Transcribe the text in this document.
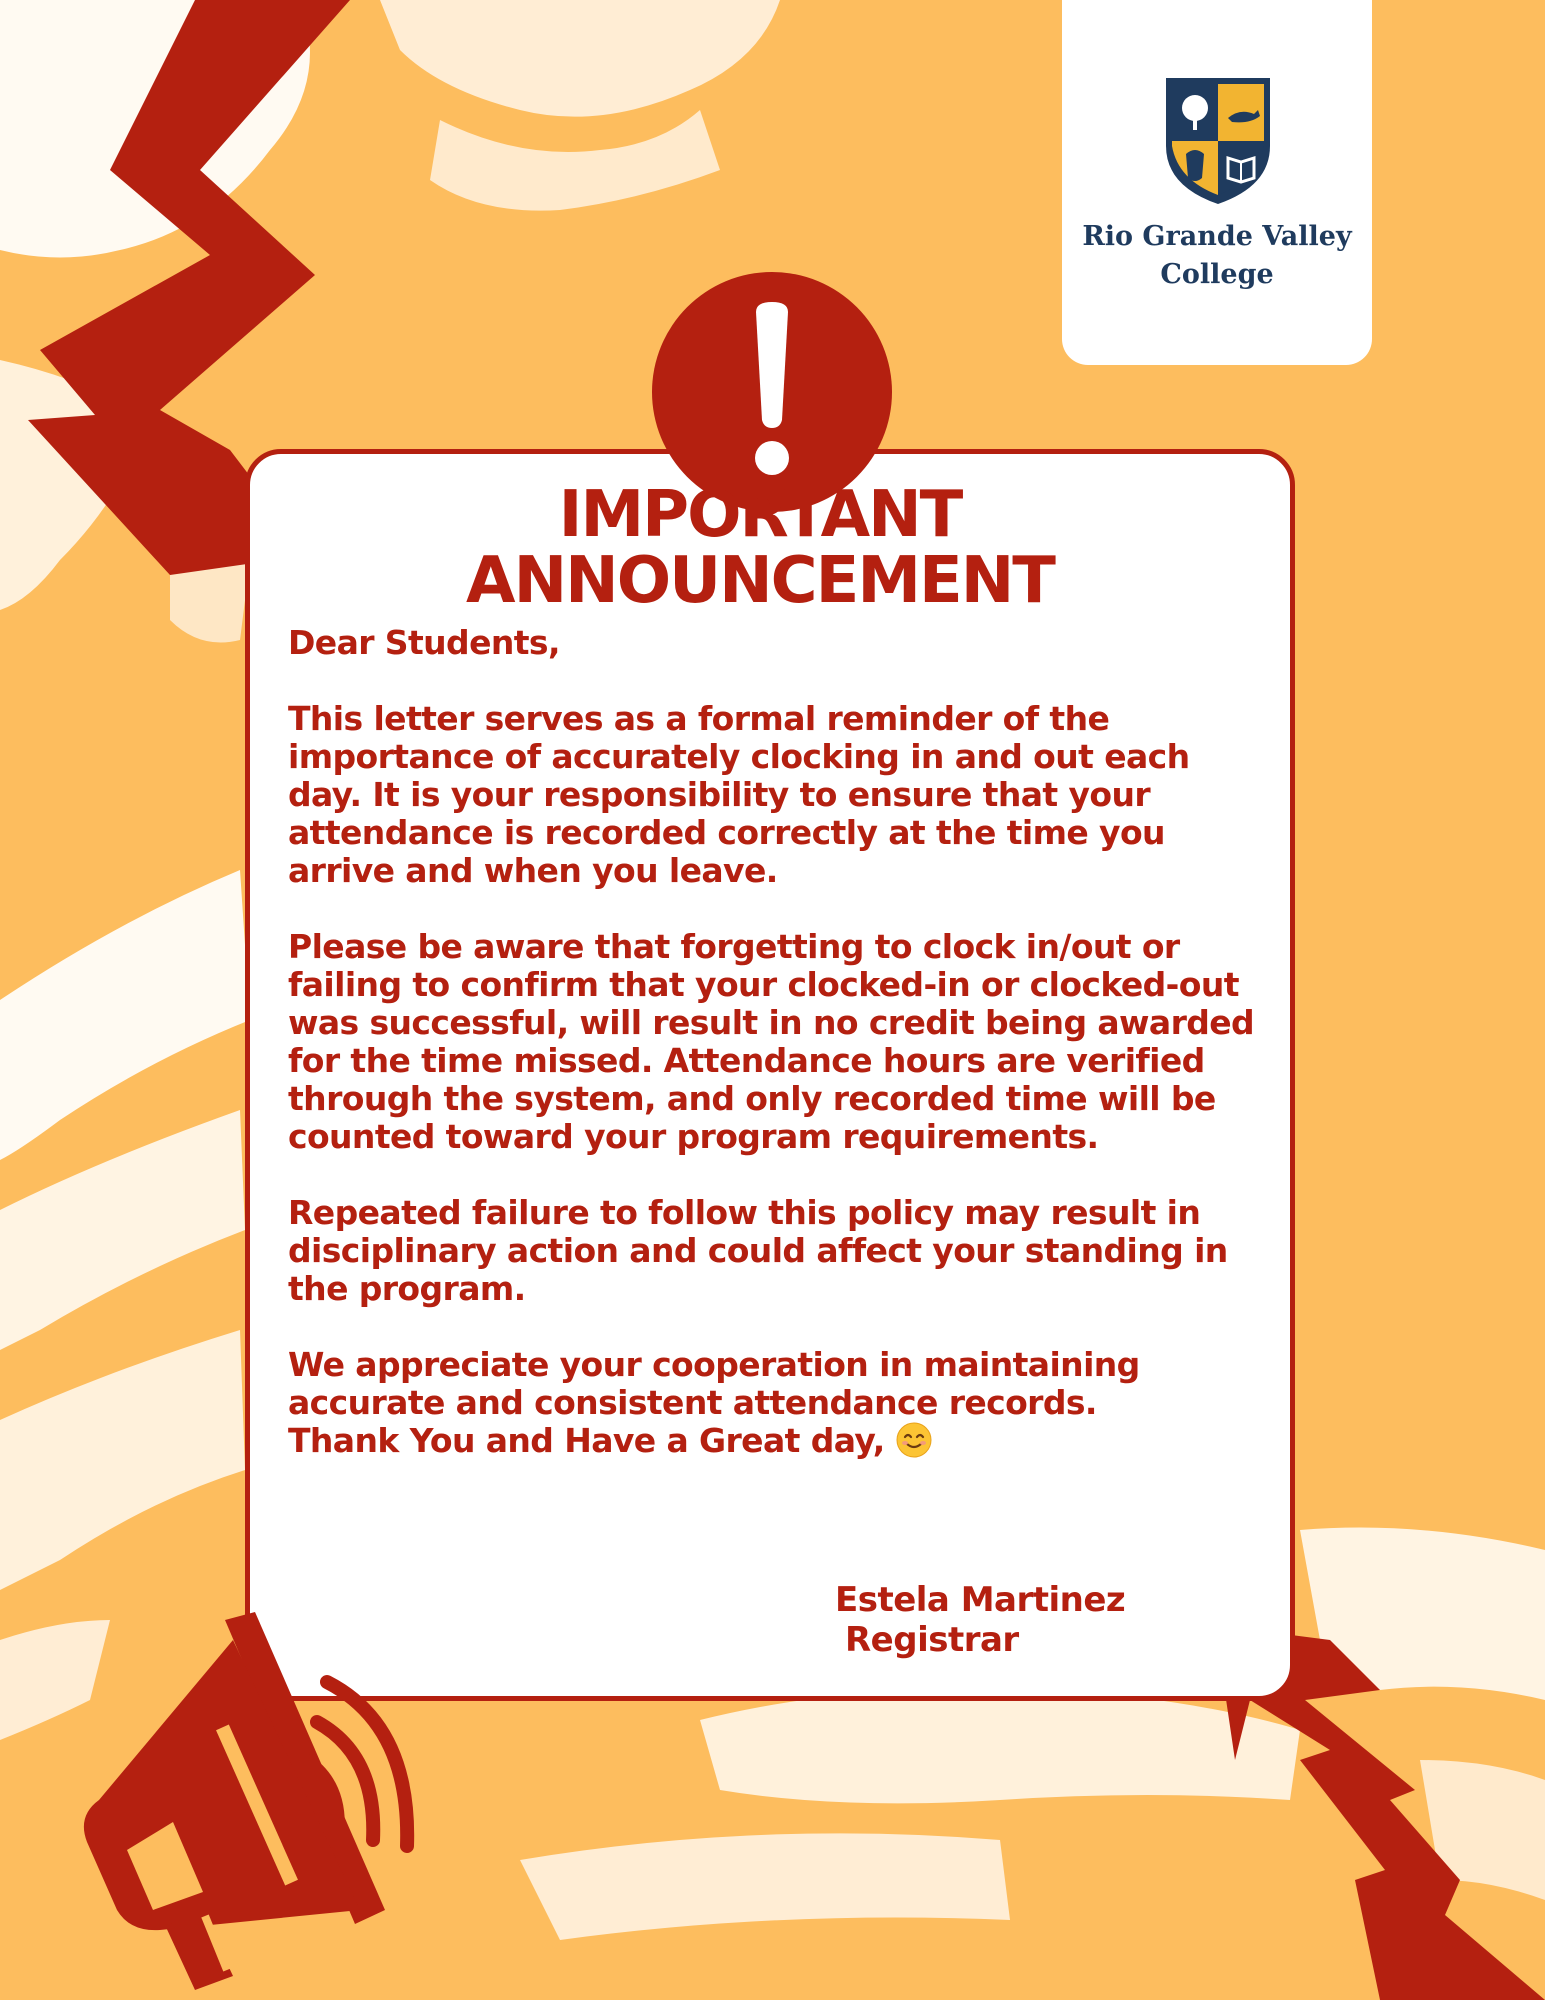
Rio Grande Valley
College
IMPORTANT
ANNOUNCEMENT

Dear Students,

This letter serves as a formal reminder of the importance of accurately clocking in and out each day. It is your responsibility to ensure that your attendance is recorded correctly at the time you arrive and when you leave.

Please be aware that forgetting to clock in/out or failing to confirm that your clocked-in or clocked-out was successful, will result in no credit being awarded for the time missed. Attendance hours are verified through the system, and only recorded time will be counted toward your program requirements.

Repeated failure to follow this policy may result in disciplinary action and could affect your standing in the program.

We appreciate your cooperation in maintaining accurate and consistent attendance records.
Thank You and Have a Great day,

Estela Martinez
Registrar
